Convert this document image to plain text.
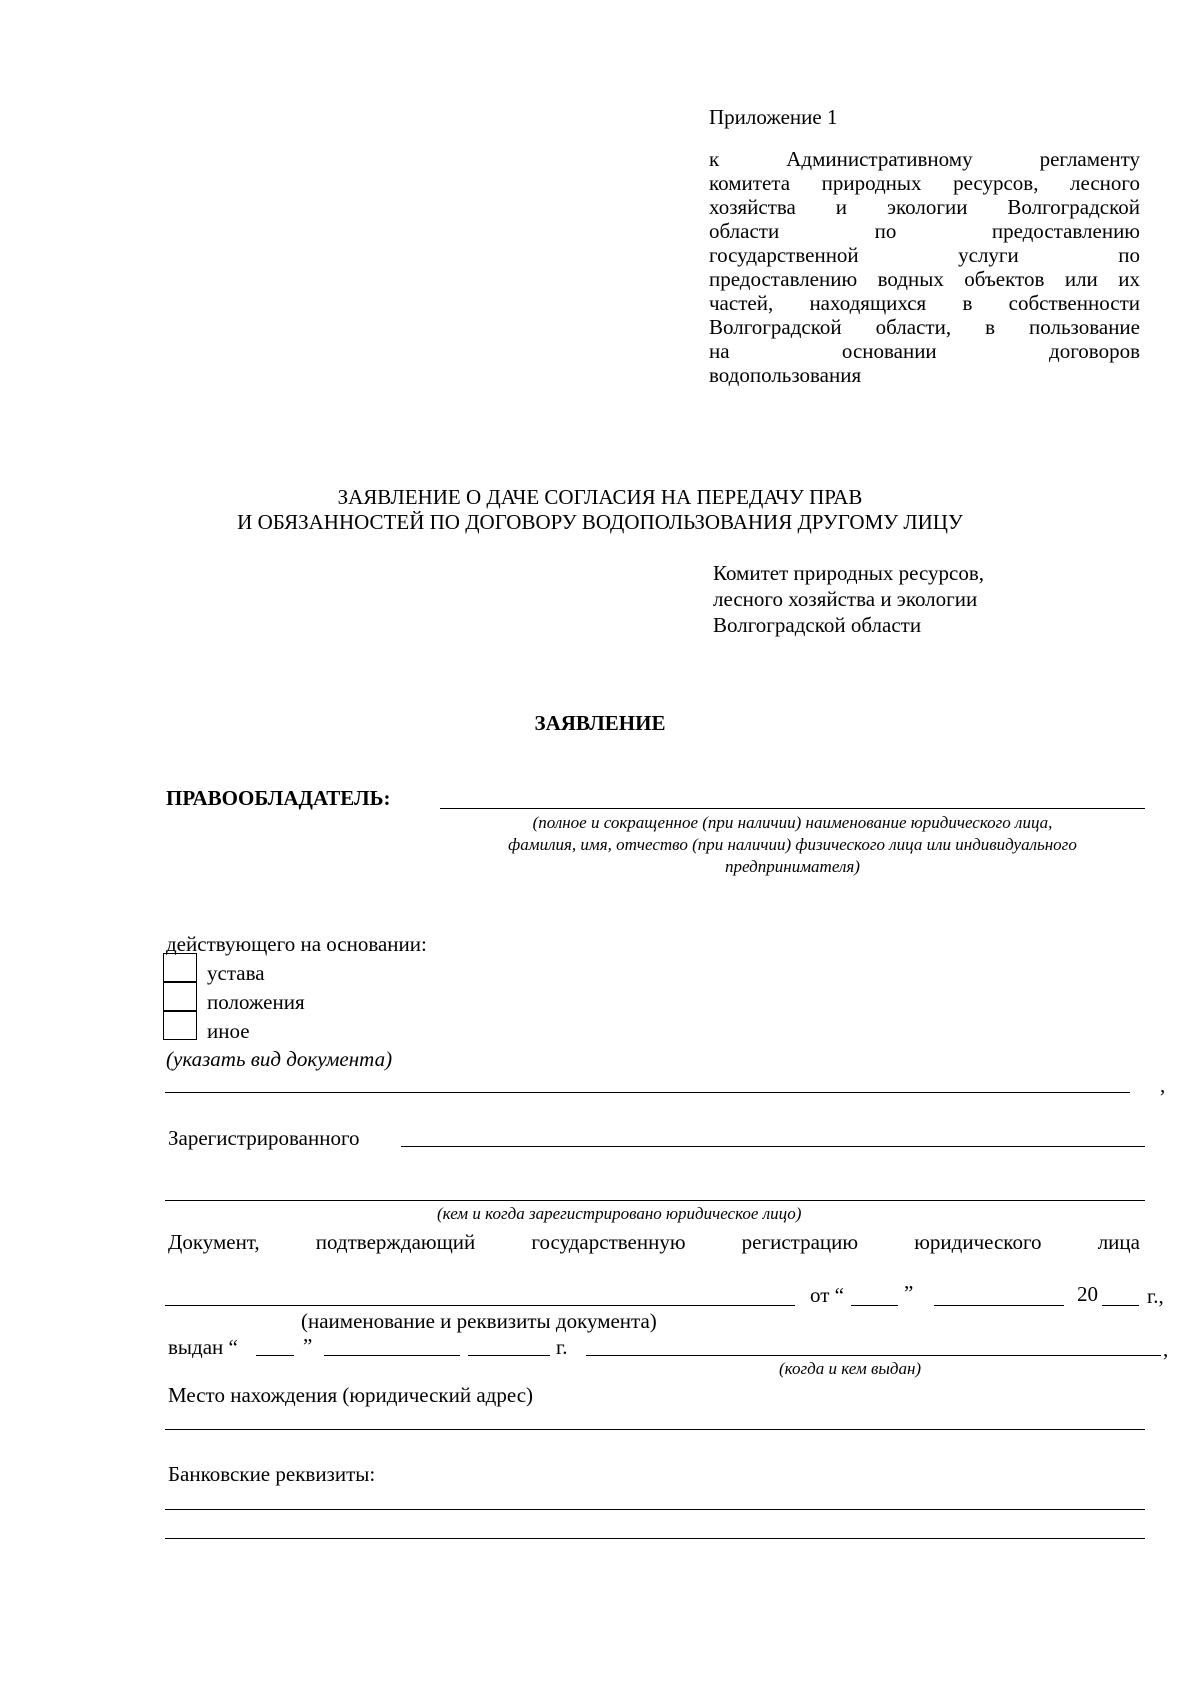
Приложение 1
к Административному регламенту
комитета природных ресурсов, лесного
хозяйства и экологии Волгоградской
области по предоставлению
государственной услуги по
предоставлению водных объектов или их
частей, находящихся в собственности
Волгоградской области, в пользование
на основании договоров
водопользования
ЗАЯВЛЕНИЕ О ДАЧЕ СОГЛАСИЯ НА ПЕРЕДАЧУ ПРАВ
И ОБЯЗАННОСТЕЙ ПО ДОГОВОРУ ВОДОПОЛЬЗОВАНИЯ ДРУГОМУ ЛИЦУ
Комитет природных ресурсов,
лесного хозяйства и экологии
Волгоградской области
ЗАЯВЛЕНИЕ
ПРАВООБЛАДАТЕЛЬ:
(полное и сокращенное (при наличии) наименование юридического лица,
фамилия, имя, отчество (при наличии) физического лица или индивидуального
предпринимателя)
действующего на основании:
устава
положения
иное
(указать вид документа)
,
Зарегистрированного
(кем и когда зарегистрировано юридическое лицо)
Документ,	подтверждающий	государственную	регистрацию	юридического	лица
от “	”	20 г.,
(наименование и реквизиты документа)
выдан “	”	г.	,
(когда и кем выдан)
Место нахождения (юридический адрес)
Банковские реквизиты:
